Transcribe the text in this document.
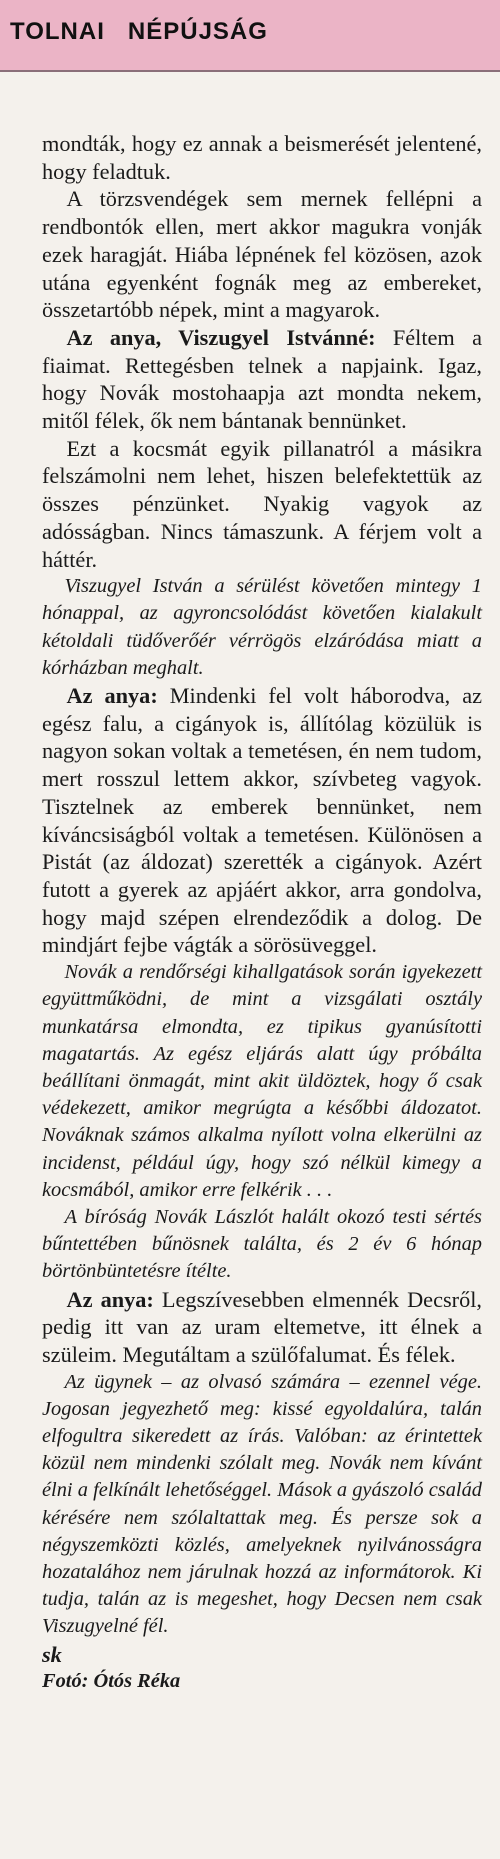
TOLNAI   NÉPÚJSÁG

mondták, hogy ez annak a beismerését jelentené, hogy feladtuk.

A törzsvendégek sem mernek fellépni a rendbontók ellen, mert akkor magukra vonják ezek haragját. Hiába lépnének fel közösen, azok utána egyenként fognák meg az embereket, összetartóbb népek, mint a magyarok.

Az anya, Viszugyel Istvánné: Féltem a fiaimat. Rettegésben telnek a napjaink. Igaz, hogy Novák mostohaapja azt mondta nekem, mitől félek, ők nem bántanak bennünket.

Ezt a kocsmát egyik pillanatról a másikra felszámolni nem lehet, hiszen belefektettük az összes pénzünket. Nyakig vagyok az adósságban. Nincs támaszunk. A férjem volt a háttér.

Viszugyel István a sérülést követően mintegy 1 hónappal, az agyroncsolódást követően kialakult kétoldali tüdőverőér vérrögös elzáródása miatt a kórházban meghalt.

Az anya: Mindenki fel volt háborodva, az egész falu, a cigányok is, állítólag közülük is nagyon sokan voltak a temetésen, én nem tudom, mert rosszul lettem akkor, szívbeteg vagyok. Tisztelnek az emberek bennünket, nem kíváncsiságból voltak a temetésen. Különösen a Pistát (az áldozat) szerették a cigányok. Azért futott a gyerek az apjáért akkor, arra gondolva, hogy majd szépen elrendeződik a dolog. De mindjárt fejbe vágták a sörösüveggel.

Novák a rendőrségi kihallgatások során igyekezett együttműködni, de mint a vizsgálati osztály munkatársa elmondta, ez tipikus gyanúsítotti magatartás. Az egész eljárás alatt úgy próbálta beállítani önmagát, mint akit üldöztek, hogy ő csak védekezett, amikor megrúgta a későbbi áldozatot. Nováknak számos alkalma nyílott volna elkerülni az incidenst, például úgy, hogy szó nélkül kimegy a kocsmából, amikor erre felkérik . . .

A bíróság Novák Lászlót halált okozó testi sértés bűntettében bűnösnek találta, és 2 év 6 hónap börtönbüntetésre ítélte.

Az anya: Legszívesebben elmennék Decsről, pedig itt van az uram eltemetve, itt élnek a szüleim. Megutáltam a szülőfalumat. És félek.

Az ügynek – az olvasó számára – ezennel vége. Jogosan jegyezhető meg: kissé egyoldalúra, talán elfogultra sikeredett az írás. Valóban: az érintettek közül nem mindenki szólalt meg. Novák nem kívánt élni a felkínált lehetőséggel. Mások a gyászoló család kérésére nem szólaltattak meg. És persze sok a négyszemközti közlés, amelyeknek nyilvánosságra hozatalához nem járulnak hozzá az informátorok. Ki tudja, talán az is megeshet, hogy Decsen nem csak Viszugyelné fél.

sk

Fotó: Ótós Réka
